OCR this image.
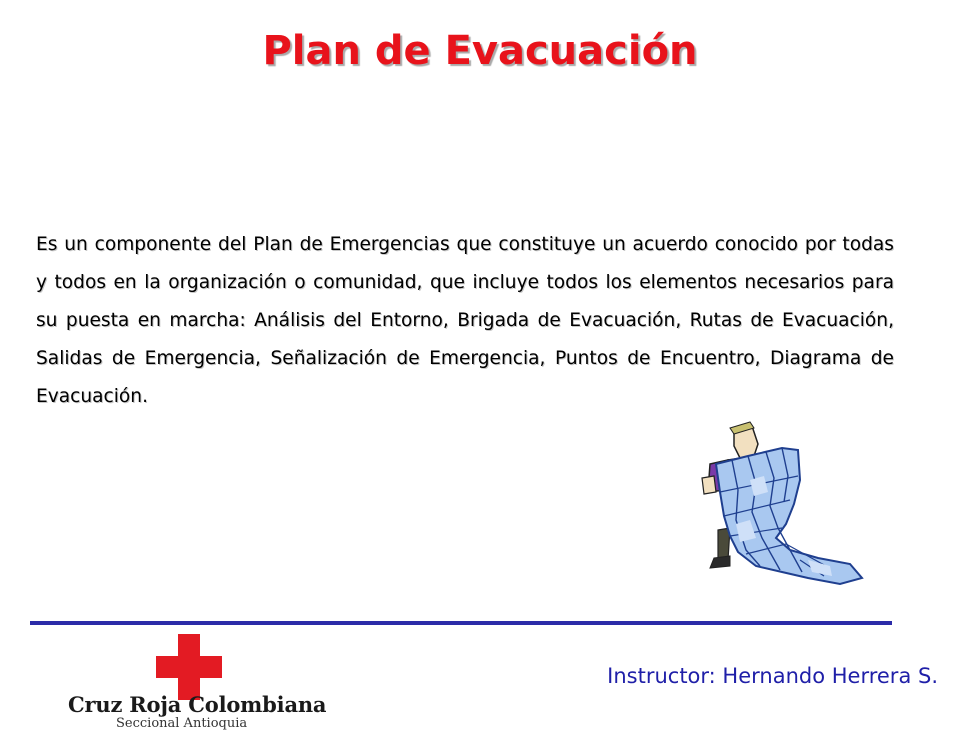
Plan de Evacuación
Es un componente del Plan de Emergencias que constituye un acuerdo conocido por todas y todos en la organización o comunidad, que incluye todos los elementos necesarios para su puesta en marcha: Análisis del Entorno, Brigada de Evacuación, Rutas de Evacuación, Salidas de Emergencia, Señalización de Emergencia, Puntos de Encuentro, Diagrama de Evacuación.
Cruz Roja Colombiana
Seccional Antioquia
Instructor: Hernando Herrera S.
